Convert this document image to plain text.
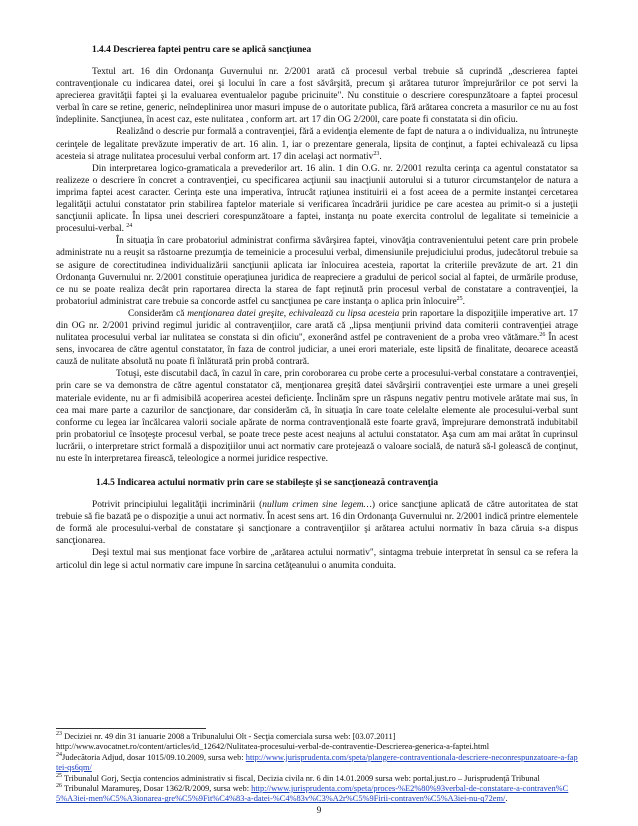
1.4.4 Descrierea faptei pentru care se aplică sancţiunea

Textul art. 16 din Ordonanţa Guvernului nr. 2/2001 arată că procesul verbal trebuie să cuprindă „descrierea faptei contravenţionale cu indicarea datei, orei şi locului în care a fost săvârşită, precum şi arătarea tuturor împrejurărilor ce pot servi la aprecierea gravităţii faptei şi la evaluarea eventualelor pagube pricinuite". Nu constituie o descriere corespunzătoare a faptei procesul verbal în care se retine, generic, neîndeplinirea unor masuri impuse de o autoritate publica, fără arătarea concreta a masurilor ce nu au fost îndeplinite. Sancţiunea, în acest caz, este nulitatea , conform art. art 17 din OG 2/200l, care poate fi constatata si din oficiu.

Realizând o descrie pur formală a contravenţiei, fără a evidenţia elemente de fapt de natura a o individualiza, nu întruneşte cerinţele de legalitate prevăzute imperativ de art. 16 alin. 1, iar o prezentare generala, lipsita de conţinut, a faptei echivalează cu lipsa acesteia si atrage nulitatea procesului verbal conform art. 17 din acelaşi act normativ$^{23}$.

Din interpretarea logico-gramaticala a prevederilor art. 16 alin. 1 din O.G. nr. 2/2001 rezulta cerinţa ca agentul constatator sa realizeze o descriere în concret a contravenţiei, cu specificarea acţiunii sau inacţiunii autorului si a tuturor circumstanţelor de natura a imprima faptei acest caracter. Cerinţa este una imperativa, întrucât raţiunea instituirii ei a fost aceea de a permite instanţei cercetarea legalităţii actului constatator prin stabilirea faptelor materiale si verificarea încadrării juridice pe care acestea au primit-o si a justeţii sancţiunii aplicate. În lipsa unei descrieri corespunzătoare a faptei, instanţa nu poate exercita controlul de legalitate si temeinicie a procesului-verbal. $^{24}$

În situaţia în care probatoriul administrat confirma săvârşirea faptei, vinovăţia contravenientului petent care prin probele administrate nu a reuşit sa răstoarne prezumţia de temeinicie a procesului verbal, dimensiunile prejudiciului produs, judecătorul trebuie sa se asigure de corectitudinea individualizării sancţiunii aplicata iar înlocuirea acesteia, raportat la criteriile prevăzute de art. 21 din Ordonanţa Guvernului nr. 2/2001 constituie operaţiunea juridica de reapreciere a gradului de pericol social al faptei, de urmările produse, ce nu se poate realiza decât prin raportarea directa la starea de fapt reţinută prin procesul verbal de constatare a contravenţiei, la probatoriul administrat care trebuie sa concorde astfel cu sancţiunea pe care instanţa o aplica prin înlocuire$^{25}$.

Considerăm că menţionarea datei greşite, echivalează cu lipsa acesteia prin raportare la dispoziţiile imperative art. 17 din OG nr. 2/2001 privind regimul juridic al contravenţiilor, care arată că „lipsa menţiunii privind data comiterii contravenţiei atrage nulitatea procesului verbal iar nulitatea se constata si din oficiu", exonerând astfel pe contravenient de a proba vreo vătămare.$^{26}$ În acest sens, invocarea de către agentul constatator, în faza de control judiciar, a unei erori materiale, este lipsită de finalitate, deoarece această cauză de nulitate absolută nu poate fi înlăturată prin probă contrară.

Totuşi, este discutabil dacă, în cazul în care, prin coroborarea cu probe certe a procesului-verbal constatare a contravenţiei, prin care se va demonstra de către agentul constatator că, menţionarea greşită datei săvârşirii contravenţiei este urmare a unei greşeli materiale evidente, nu ar fi admisibilă acoperirea acestei deficienţe. Înclinăm spre un răspuns negativ pentru motivele arătate mai sus, în cea mai mare parte a cazurilor de sancţionare, dar considerăm că, în situaţia în care toate celelalte elemente ale procesului-verbal sunt conforme cu legea iar încălcarea valorii sociale apărate de norma contravenţională este foarte gravă, împrejurare demonstrată indubitabil prin probatoriul ce însoţeşte procesul verbal, se poate trece peste acest neajuns al actului constatator. Aşa cum am mai arătat în cuprinsul lucrării, o interpretare strict formală a dispoziţiilor unui act normativ care protejează o valoare socială, de natură să-l golească de conţinut, nu este în interpretarea firească, teleologice a normei juridice respective.

1.4.5 Indicarea actului normativ prin care se stabileşte şi se sancţionează contravenţia

Potrivit principiului legalităţii incriminării (nullum crimen sine legem…) orice sancţiune aplicată de către autoritatea de stat trebuie să fie bazată pe o dispoziţie a unui act normativ. În acest sens art. 16 din Ordonanţa Guvernului nr. 2/2001 indică printre elementele de formă ale procesului-verbal de constatare şi sancţionare a contravenţiilor şi arătarea actului normativ în baza căruia s-a dispus sancţionarea.

Deşi textul mai sus menţionat face vorbire de „arătarea actului normativ", sintagma trebuie interpretat în sensul ca se refera la articolul din lege si actul normativ care impune în sarcina cetăţeanului o anumita conduita.

$^{23}$ Deciziei nr. 49 din 31 ianuarie 2008 a Tribunalului Olt - Secţia comerciala sursa web: [03.07.2011]
http://www.avocatnet.ro/content/articles/id_12642/Nulitatea-procesului-verbal-de-contraventie-Descrierea-generica-a-faptei.html
$^{24}$Judecătoria Adjud, dosar 1015/09.10.2009, sursa web: http://www.jurisprudenta.com/speta/plangere-contraventionala-descriere-neconrespunzatoare-a-faptei-qs6qm/
$^{25}$ Tribunalul Gorj, Secţia contencios administrativ si fiscal, Decizia civila nr. 6 din 14.01.2009 sursa web: portal.just.ro – Jurisprudenţă Tribunal
$^{26}$ Tribunalul Maramureş, Dosar 1362/R/2009, sursa web: http://www.jurisprudenta.com/speta/proces-%E2%80%93verbal-de-constatare-a-contraven%C5%A3iei-men%C5%A3ionarea-gre%C5%9Fit%C4%83-a-datei-%C4%83v%C3%A2r%C5%9Firii-contraven%C5%A3iei-nu-q72em/.
9
